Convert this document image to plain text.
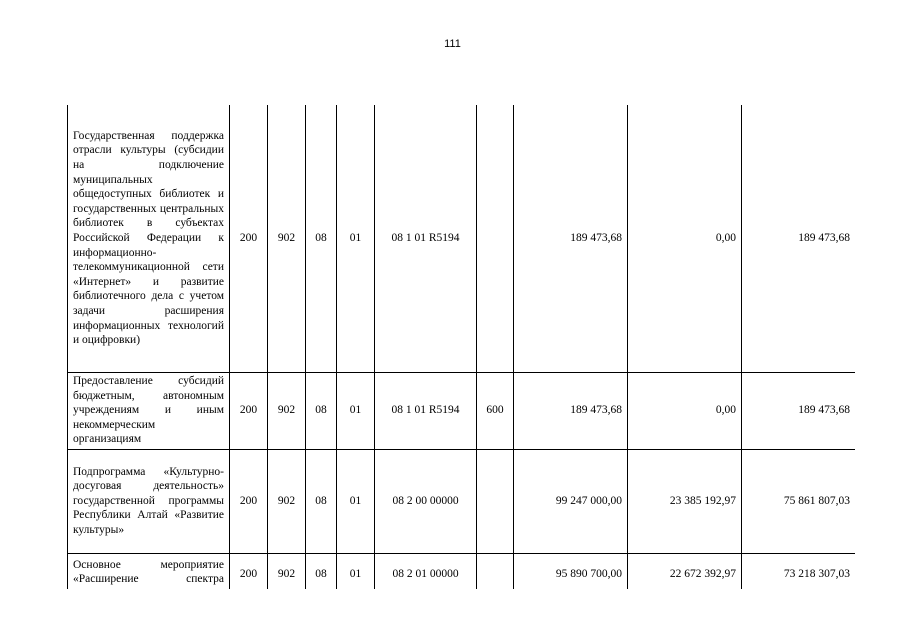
111
Государственная поддержка отрасли культуры (субсидии на подключение муниципальных общедоступных библиотек и государственных центральных библиотек в субъектах Российской Федерации к информационно-телекоммуникационной сети «Интернет» и развитие библиотечного дела с учетом задачи расширения информационных технологий и оцифровки)	200	902	08	01	08 1 01 R5194		189 473,68	0,00	189 473,68
Предоставление субсидий бюджетным, автономным учреждениям и иным некоммерческим организациям	200	902	08	01	08 1 01 R5194	600	189 473,68	0,00	189 473,68
Подпрограмма «Культурно-досуговая деятельность» государственной программы Республики Алтай «Развитие культуры»	200	902	08	01	08 2 00 00000		99 247 000,00	23 385 192,97	75 861 807,03
Основное мероприятие «Расширение спектра	200	902	08	01	08 2 01 00000		95 890 700,00	22 672 392,97	73 218 307,03
